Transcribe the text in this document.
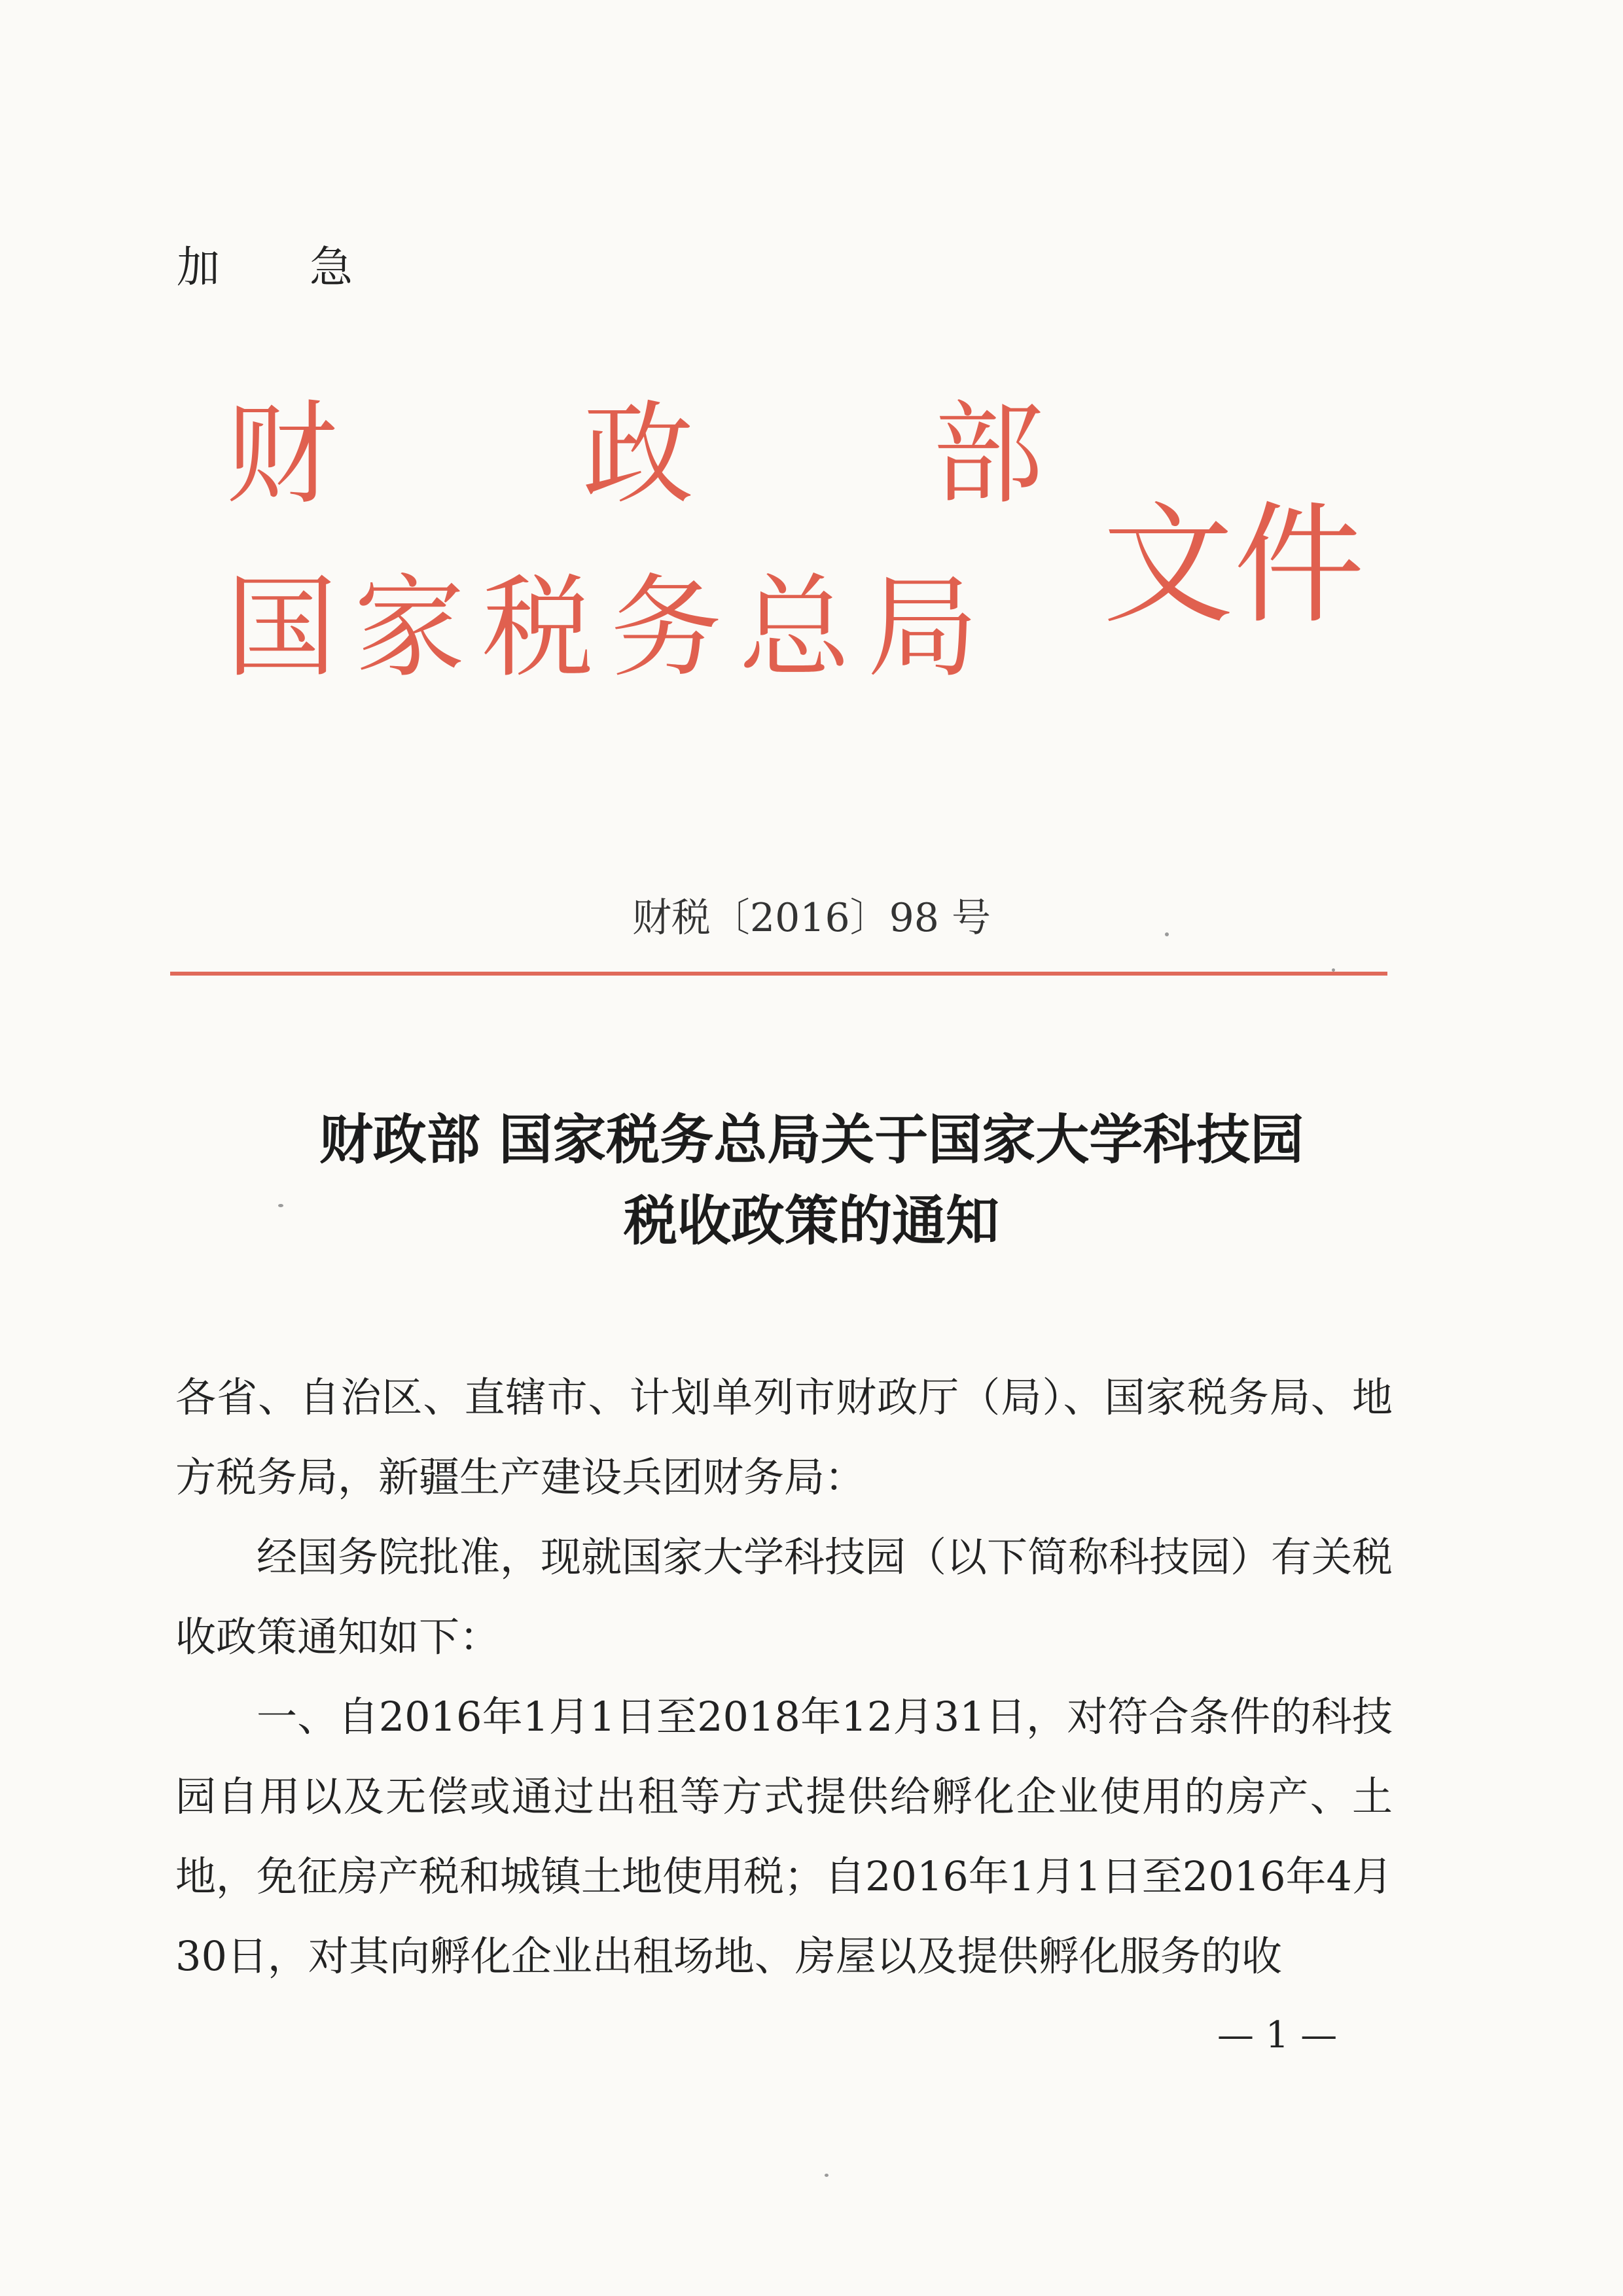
加 急
财 政 部
国家税务总局 文件
财税〔2016〕98 号
财政部 国家税务总局关于国家大学科技园
税收政策的通知

各省、自治区、直辖市、计划单列市财政厅（局）、国家税务局、地方税务局，新疆生产建设兵团财务局：

经国务院批准，现就国家大学科技园（以下简称科技园）有关税收政策通知如下：

一、自2016年1月1日至2018年12月31日，对符合条件的科技园自用以及无偿或通过出租等方式提供给孵化企业使用的房产、土地，免征房产税和城镇土地使用税；自2016年1月1日至2016年4月30日，对其向孵化企业出租场地、房屋以及提供孵化服务的收

— 1 —
